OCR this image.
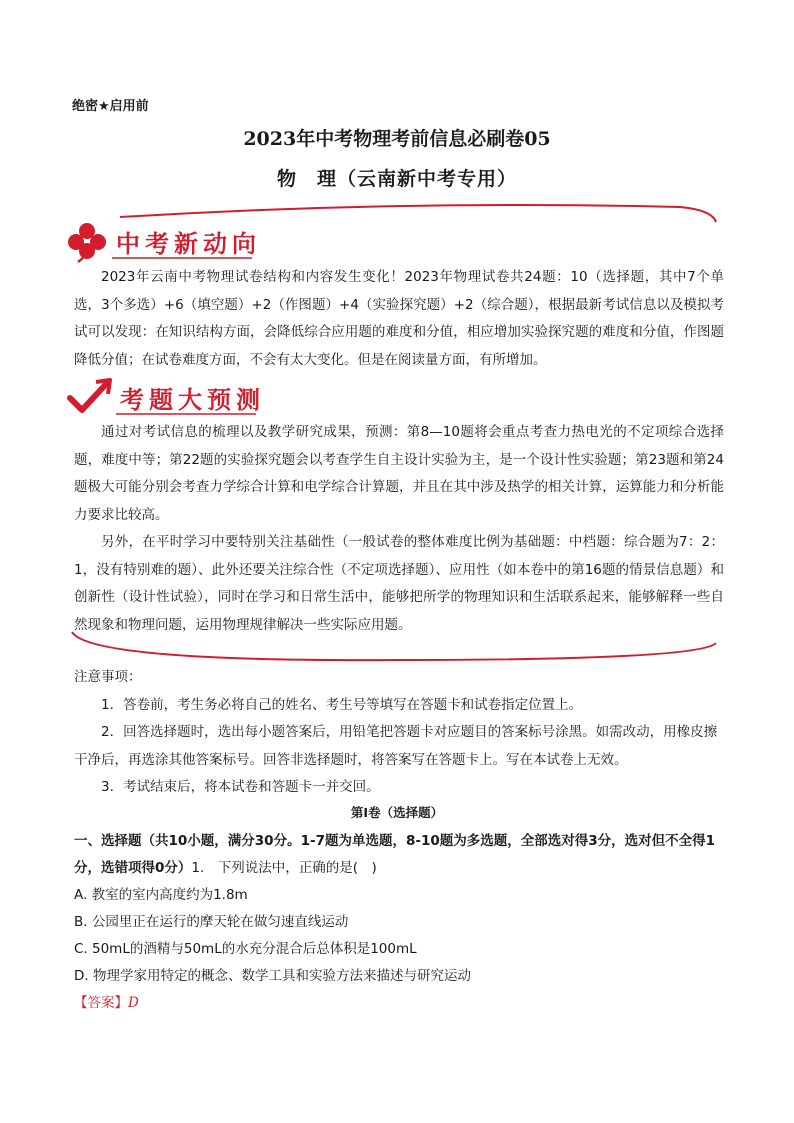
绝密★启用前
2023年中考物理考前信息必刷卷05
物　理（云南新中考专用）
中考新动向

2023年云南中考物理试卷结构和内容发生变化！2023年物理试卷共24题：10（选择题，其中7个单选，3个多选）+6（填空题）+2（作图题）+4（实验探究题）+2（综合题），根据最新考试信息以及模拟考试可以发现：在知识结构方面，会降低综合应用题的难度和分值，相应增加实验探究题的难度和分值，作图题降低分值；在试卷难度方面，不会有太大变化。但是在阅读量方面，有所增加。

考题大预测

通过对考试信息的梳理以及教学研究成果，预测：第8—10题将会重点考查力热电光的不定项综合选择题，难度中等；第22题的实验探究题会以考查学生自主设计实验为主，是一个设计性实验题；第23题和第24题极大可能分别会考查力学综合计算和电学综合计算题，并且在其中涉及热学的相关计算，运算能力和分析能力要求比较高。

另外，在平时学习中要特别关注基础性（一般试卷的整体难度比例为基础题：中档题：综合题为7：2：1，没有特别难的题）、此外还要关注综合性（不定项选择题）、应用性（如本卷中的第16题的情景信息题）和创新性（设计性试验），同时在学习和日常生活中，能够把所学的物理知识和生活联系起来，能够解释一些自然现象和物理问题，运用物理规律解决一些实际应用题。

注意事项：

1．答卷前，考生务必将自己的姓名、考生号等填写在答题卡和试卷指定位置上。

2．回答选择题时，选出每小题答案后，用铅笔把答题卡对应题目的答案标号涂黑。如需改动，用橡皮擦干净后，再选涂其他答案标号。回答非选择题时，将答案写在答题卡上。写在本试卷上无效。

3．考试结束后，将本试卷和答题卡一并交回。

第Ⅰ卷（选择题）

一、选择题（共10小题，满分30分。1-7题为单选题，8-10题为多选题，全部选对得3分，选对但不全得1分，选错项得0分）1.　下列说法中，正确的是(　)

A. 教室的室内高度约为1.8m

B. 公园里正在运行的摩天轮在做匀速直线运动

C. 50mL的酒精与50mL的水充分混合后总体积是100mL

D. 物理学家用特定的概念、数学工具和实验方法来描述与研究运动

【答案】D
